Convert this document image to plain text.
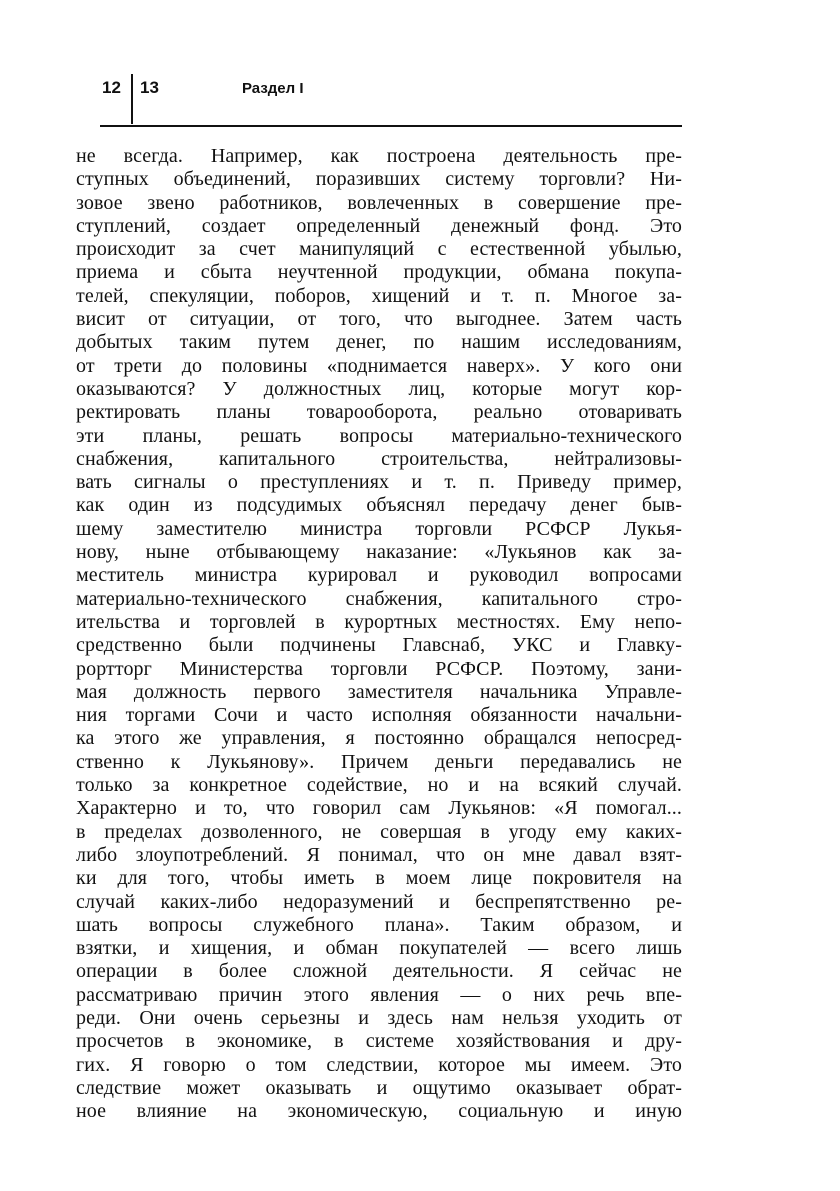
12 13	Раздел I
не всегда. Например, как построена деятельность пре-
ступных объединений, поразивших систему торговли? Ни-
зовое звено работников, вовлеченных в совершение пре-
ступлений, создает определенный денежный фонд. Это
происходит за счет манипуляций с естественной убылью,
приема и сбыта неучтенной продукции, обмана покупа-
телей, спекуляции, поборов, хищений и т. п. Многое за-
висит от ситуации, от того, что выгоднее. Затем часть
добытых таким путем денег, по нашим исследованиям,
от трети до половины «поднимается наверх». У кого они
оказываются? У должностных лиц, которые могут кор-
ректировать планы товарооборота, реально отоваривать
эти планы, решать вопросы материально-технического
снабжения, капитального строительства, нейтрализовы-
вать сигналы о преступлениях и т. п. Приведу пример,
как один из подсудимых объяснял передачу денег быв-
шему заместителю министра торговли РСФСР Лукья-
нову, ныне отбывающему наказание: «Лукьянов как за-
меститель министра курировал и руководил вопросами
материально-технического снабжения, капитального стро-
ительства и торговлей в курортных местностях. Ему непо-
средственно были подчинены Главснаб, УКС и Главку-
рортторг Министерства торговли РСФСР. Поэтому, зани-
мая должность первого заместителя начальника Управле-
ния торгами Сочи и часто исполняя обязанности начальни-
ка этого же управления, я постоянно обращался непосред-
ственно к Лукьянову». Причем деньги передавались не
только за конкретное содействие, но и на всякий случай.
Характерно и то, что говорил сам Лукьянов: «Я помогал...
в пределах дозволенного, не совершая в угоду ему каких-
либо злоупотреблений. Я понимал, что он мне давал взят-
ки для того, чтобы иметь в моем лице покровителя на
случай каких-либо недоразумений и беспрепятственно ре-
шать вопросы служебного плана». Таким образом, и
взятки, и хищения, и обман покупателей — всего лишь
операции в более сложной деятельности. Я сейчас не
рассматриваю причин этого явления — о них речь впе-
реди. Они очень серьезны и здесь нам нельзя уходить от
просчетов в экономике, в системе хозяйствования и дру-
гих. Я говорю о том следствии, которое мы имеем. Это
следствие может оказывать и ощутимо оказывает обрат-
ное влияние на экономическую, социальную и иную
